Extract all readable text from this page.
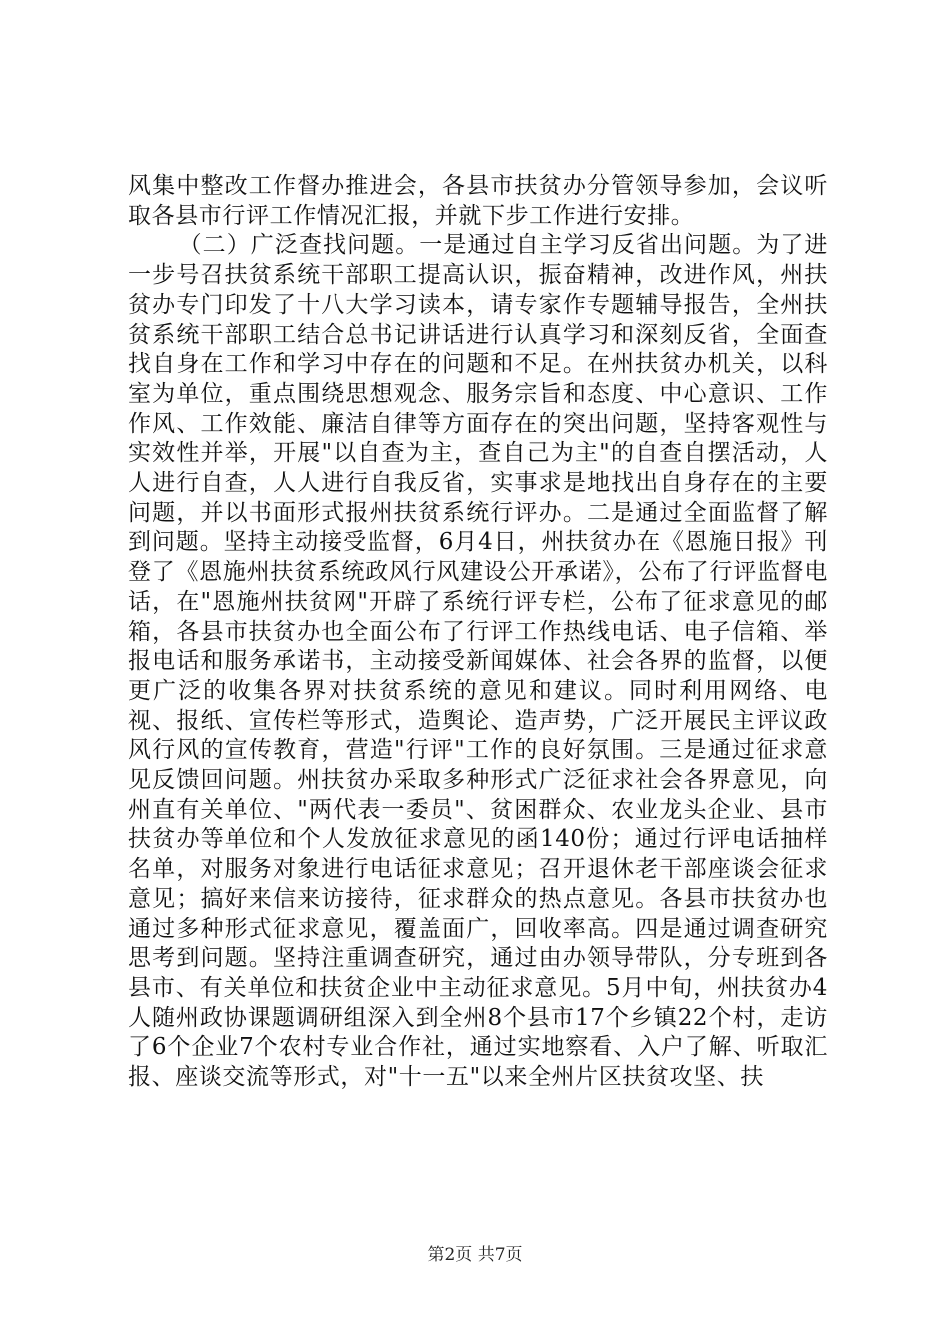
风集中整改工作督办推进会，各县市扶贫办分管领导参加，会议听取各县市行评工作情况汇报，并就下步工作进行安排。

（二）广泛查找问题。一是通过自主学习反省出问题。为了进一步号召扶贫系统干部职工提高认识，振奋精神，改进作风，州扶贫办专门印发了十八大学习读本，请专家作专题辅导报告，全州扶贫系统干部职工结合总书记讲话进行认真学习和深刻反省，全面查找自身在工作和学习中存在的问题和不足。在州扶贫办机关，以科室为单位，重点围绕思想观念、服务宗旨和态度、中心意识、工作作风、工作效能、廉洁自律等方面存在的突出问题，坚持客观性与实效性并举，开展"以自查为主，查自己为主"的自查自摆活动，人人进行自查，人人进行自我反省，实事求是地找出自身存在的主要问题，并以书面形式报州扶贫系统行评办。二是通过全面监督了解到问题。坚持主动接受监督，6月4日，州扶贫办在《恩施日报》刊登了《恩施州扶贫系统政风行风建设公开承诺》，公布了行评监督电话，在"恩施州扶贫网"开辟了系统行评专栏，公布了征求意见的邮箱，各县市扶贫办也全面公布了行评工作热线电话、电子信箱、举报电话和服务承诺书，主动接受新闻媒体、社会各界的监督，以便更广泛的收集各界对扶贫系统的意见和建议。同时利用网络、电视、报纸、宣传栏等形式，造舆论、造声势，广泛开展民主评议政风行风的宣传教育，营造"行评"工作的良好氛围。三是通过征求意见反馈回问题。州扶贫办采取多种形式广泛征求社会各界意见，向州直有关单位、"两代表一委员"、贫困群众、农业龙头企业、县市扶贫办等单位和个人发放征求意见的函140份；通过行评电话抽样名单，对服务对象进行电话征求意见；召开退休老干部座谈会征求意见；搞好来信来访接待，征求群众的热点意见。各县市扶贫办也通过多种形式征求意见，覆盖面广，回收率高。四是通过调查研究思考到问题。坚持注重调查研究，通过由办领导带队，分专班到各县市、有关单位和扶贫企业中主动征求意见。5月中旬，州扶贫办4人随州政协课题调研组深入到全州8个县市17个乡镇22个村，走访了6个企业7个农村专业合作社，通过实地察看、入户了解、听取汇报、座谈交流等形式，对"十一五"以来全州片区扶贫攻坚、扶

第2页 共7页
